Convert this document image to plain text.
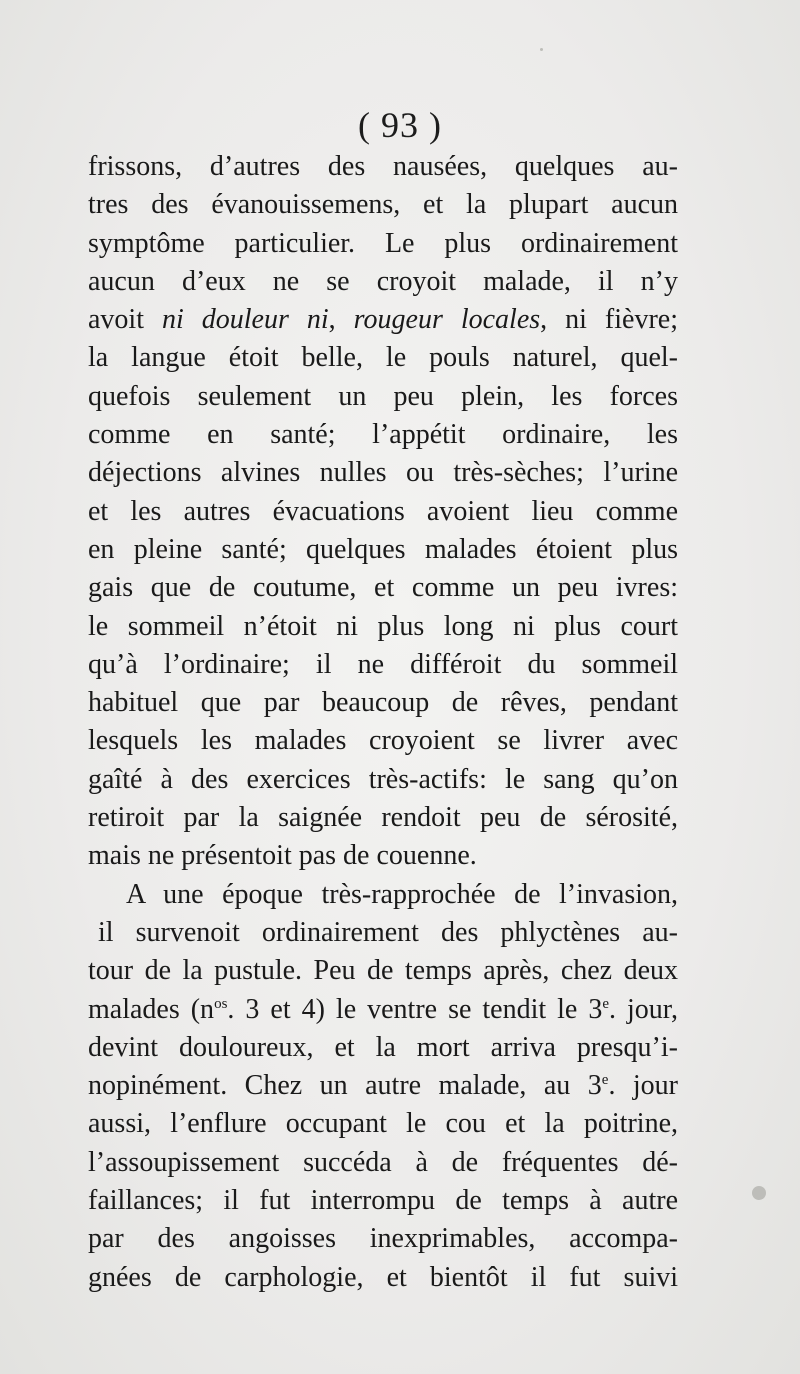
( 93 )
frissons, d’autres des nausées, quelques au-
tres des évanouissemens, et la plupart aucun
symptôme particulier. Le plus ordinairement
aucun d’eux ne se croyoit malade, il n’y
avoit ni douleur ni, rougeur locales, ni fièvre;
la langue étoit belle, le pouls naturel, quel-
quefois seulement un peu plein, les forces
comme en santé; l’appétit ordinaire, les
déjections alvines nulles ou très-sèches; l’urine
et les autres évacuations avoient lieu comme
en pleine santé; quelques malades étoient plus
gais que de coutume, et comme un peu ivres:
le sommeil n’étoit ni plus long ni plus court
qu’à l’ordinaire; il ne différoit du sommeil
habituel que par beaucoup de rêves, pendant
lesquels les malades croyoient se livrer avec
gaîté à des exercices très-actifs: le sang qu’on
retiroit par la saignée rendoit peu de sérosité,
mais ne présentoit pas de couenne.
A une époque très-rapprochée de l’invasion,
il survenoit ordinairement des phlyctènes au-
tour de la pustule. Peu de temps après, chez deux
malades ($n^{os}$. 3 et 4) le ventre se tendit le 3e. jour,
devint douloureux, et la mort arriva presqu’i-
nopinément. Chez un autre malade, au 3e. jour
aussi, l’enflure occupant le cou et la poitrine,
l’assoupissement succéda à de fréquentes dé-
faillances; il fut interrompu de temps à autre
par des angoisses inexprimables, accompa-
gnées de carphologie, et bientôt il fut suivi
